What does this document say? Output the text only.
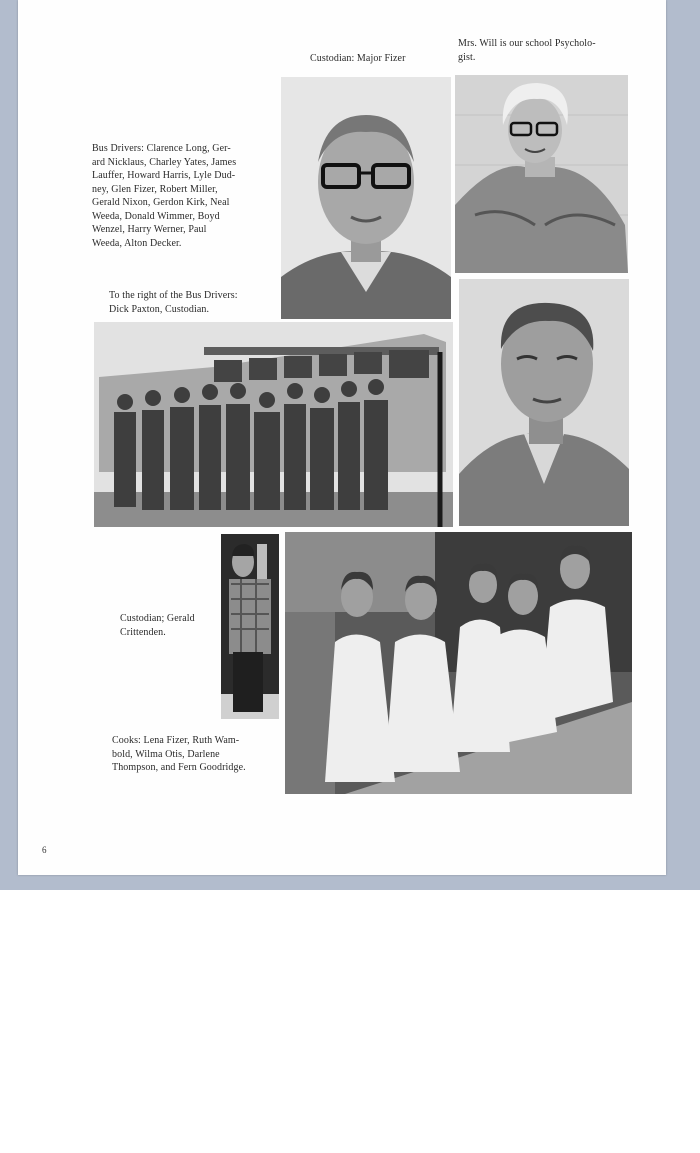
Custodian: Major Fizer
Mrs. Will is our school Psycholo-
gist.
Bus Drivers: Clarence Long, Ger-
ard Nicklaus, Charley Yates, James
Lauffer, Howard Harris, Lyle Dud-
ney, Glen Fizer, Robert Miller,
Gerald Nixon, Gerdon Kirk, Neal
Weeda, Donald Wimmer, Boyd
Wenzel, Harry Werner, Paul
Weeda, Alton Decker.
To the right of the Bus Drivers:
Dick Paxton, Custodian.
Custodian; Gerald
Crittenden.
Cooks: Lena Fizer, Ruth Wam-
bold, Wilma Otis, Darlene
Thompson, and Fern Goodridge.
6
